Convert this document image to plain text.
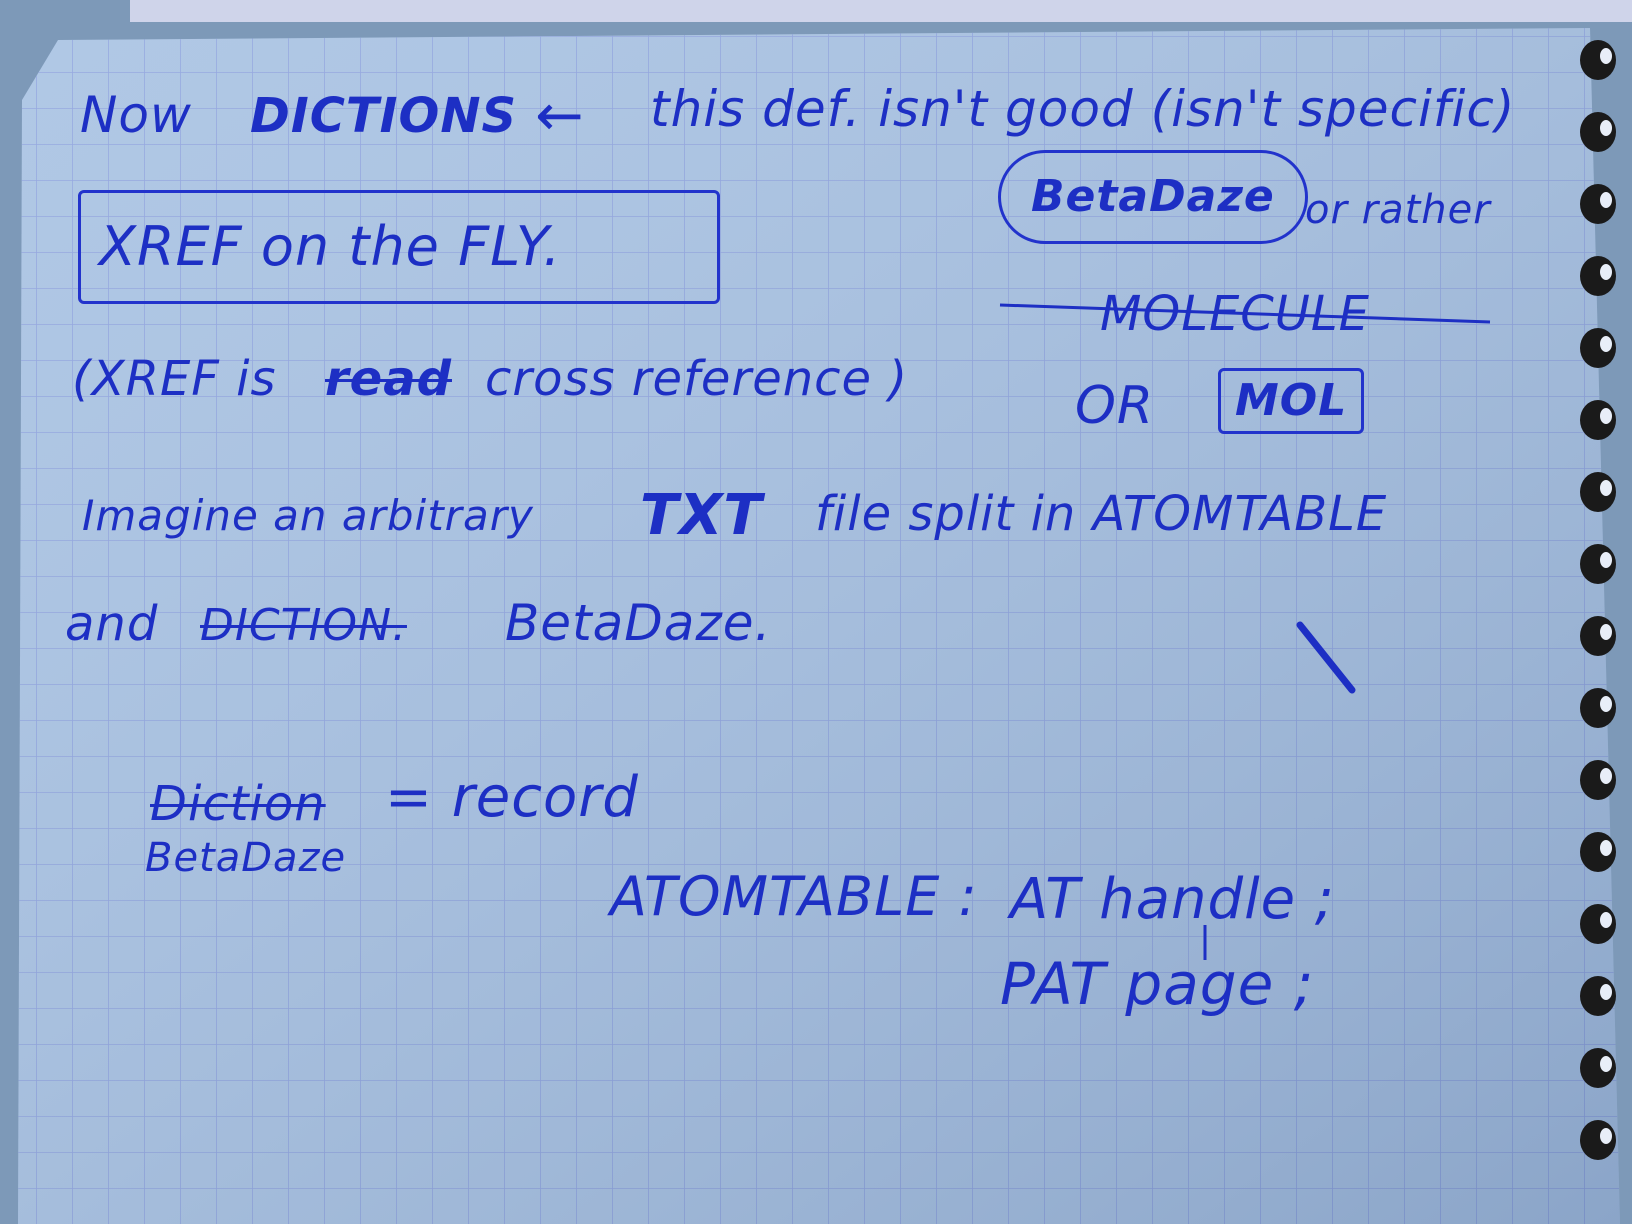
Now DICTIONS ← this def. isn't good (isn't specific)
XREF on the FLY.
BetaDaze or rather
MOLECULE
OR	MOL
(XREF is read cross reference )
Imagine an arbitrary TXT file split in ATOMTABLE
and DICTION. BetaDaze.
Diction = record
BetaDaze
ATOMTABLE : AT handle ;
PAT page ;
